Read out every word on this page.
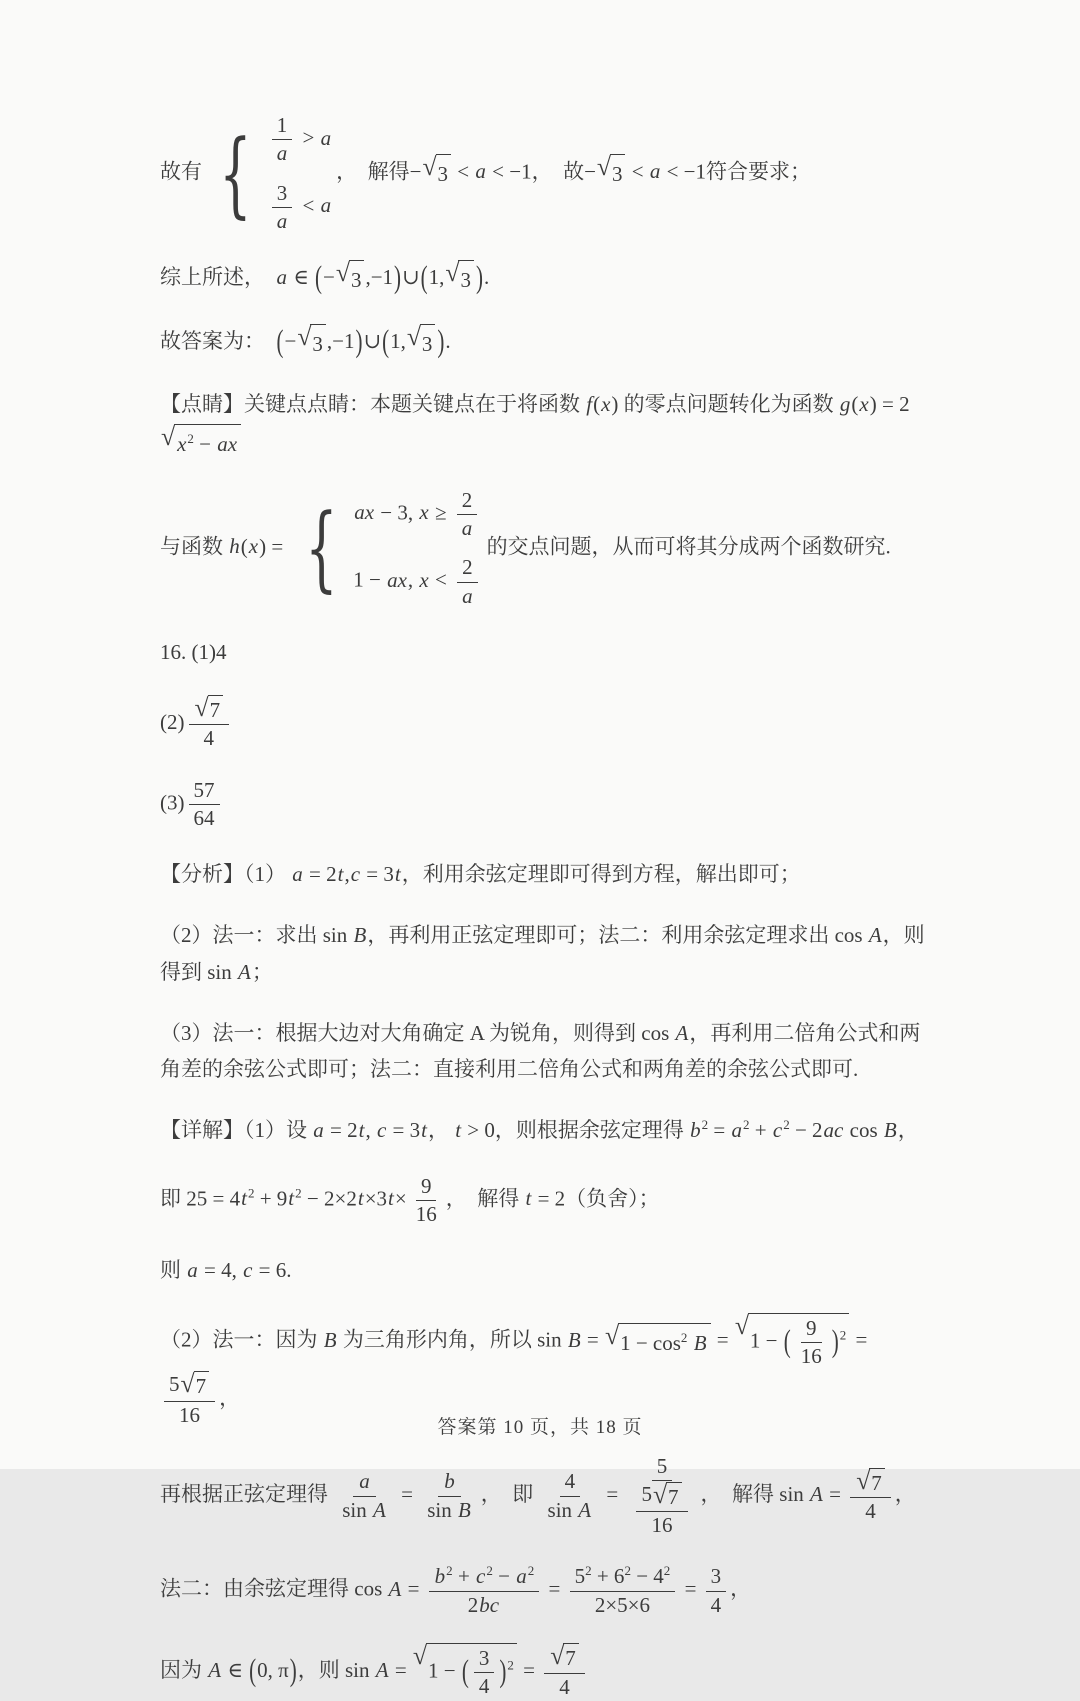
故有 { $\frac{1}{a} > a$
$\frac{3}{a} < a$
，  解得− √ 3 < a < −1，  故− √ 3 < a < −1符合要求；
综上所述，  a ∈ (− √ 3 ,−1)∪(1, √ 3 ).
故答案为：  (− √ 3 ,−1)∪(1, √ 3 ).
【点睛】关键点点睛：本题关键点在于将函数 f(x) 的零点问题转化为函数 g(x) = 2
√ $x^2$ − ax
与函数 h(x) = { ax − 3, $x \ge \frac{2}{a}$
1 − ax, $x < \frac{2}{a}$
的交点问题，从而可将其分成两个函数研究.
16. (1)4
$(2) \frac{√ 7}{4}$
$(3) \frac{57}{64}$
【分析】（1） a = 2t,c = 3t，利用余弦定理即可得到方程，解出即可；
（2）法一：求出 sin B，再利用正弦定理即可；法二：利用余弦定理求出 cos A，则得到 sin A；
（3）法一：根据大边对大角确定 A 为锐角，则得到 cos A，再利用二倍角公式和两角差的余弦公式即可；法二：直接利用二倍角公式和两角差的余弦公式即可.
【详解】（1）设 a = 2t, c = 3t， t > 0，则根据余弦定理得 $b^2 = a^2 + c^2 - 2ac$ cos B，
即 $25 = 4t^2 + 9t^2 - 2\times 2t\times 3t\times \frac{9}{16}$ ，  解得 t = 2（负舍）；
则 a = 4, c = 6.
（2）法一：因为 B 为三角形内角，所以 sin B = √ $1 - \cos^2 B$ = √
1 − ( $\frac{9}{16} )^2$ =
$\frac{5 √ 7}{16}$ ，
再根据正弦定理得 $\frac{a}{\text{sin A}} = \frac{b}{\text{sin B}}$ ，  即 $\frac{4}{\text{sin A}} = \frac{5}{\frac{5 √ 7}{16}}$ ，  解得 $\sin A = \frac{√ 7}{4}$ ，
法二：由余弦定理得 $\cos A = \frac{b^2 + c^2 - a^2}{2bc} = \frac{5^2 + 6^2 - 4^2}{2\times 5\times 6} = \frac{3}{4}$ ，
因为 A ∈ (0, π)，则 sin A = √
1 − ( $\frac{3}{4} )^2 = \frac{√ 7}{4}$
答案第 10 页，共 18 页
